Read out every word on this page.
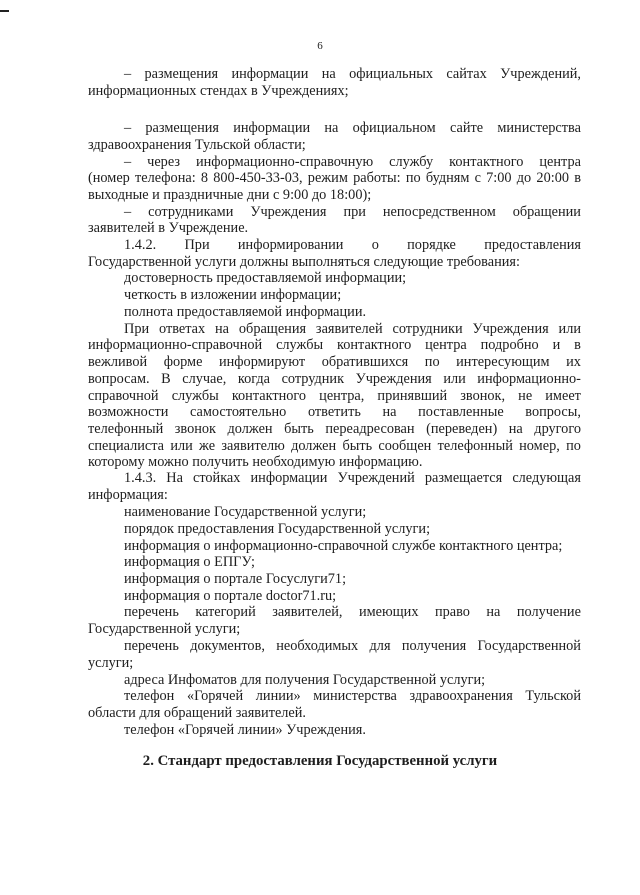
6
– размещения информации на официальных сайтах Учреждений,
информационных стендах в Учреждениях;
– размещения информации на официальном сайте министерства
здравоохранения Тульской области;
– через информационно-справочную службу контактного центра
(номер телефона: 8 800-450-33-03, режим работы: по будням с 7:00 до 20:00 в
выходные и праздничные дни с 9:00 до 18:00);
– сотрудниками Учреждения при непосредственном обращении
заявителей в Учреждение.
1.4.2. При информировании о порядке предоставления
Государственной услуги должны выполняться следующие требования:
достоверность предоставляемой информации;
четкость в изложении информации;
полнота предоставляемой информации.
При ответах на обращения заявителей сотрудники Учреждения или
информационно-справочной службы контактного центра подробно и в
вежливой форме информируют обратившихся по интересующим их
вопросам. В случае, когда сотрудник Учреждения или информационно-
справочной службы контактного центра, принявший звонок, не имеет
возможности самостоятельно ответить на поставленные вопросы,
телефонный звонок должен быть переадресован (переведен) на другого
специалиста или же заявителю должен быть сообщен телефонный номер, по
которому можно получить необходимую информацию.
1.4.3. На стойках информации Учреждений размещается следующая
информация:
наименование Государственной услуги;
порядок предоставления Государственной услуги;
информация о информационно-справочной службе контактного центра;
информация о ЕПГУ;
информация о портале Госуслуги71;
информация о портале doctor71.ru;
перечень категорий заявителей, имеющих право на получение
Государственной услуги;
перечень документов, необходимых для получения Государственной
услуги;
адреса Инфоматов для получения Государственной услуги;
телефон «Горячей линии» министерства здравоохранения Тульской
области для обращений заявителей.
телефон «Горячей линии» Учреждения.
2. Стандарт предоставления Государственной услуги
